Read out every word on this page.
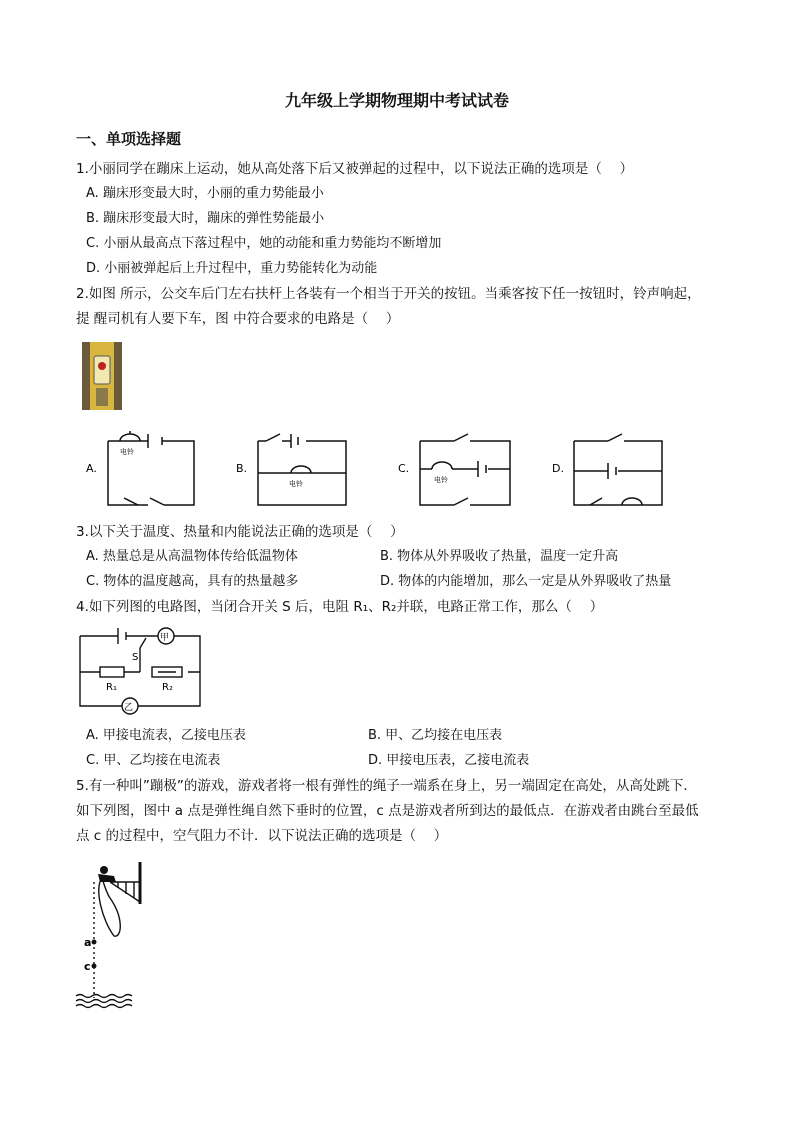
九年级上学期物理期中考试试卷
一、单项选择题
1.小丽同学在蹦床上运动，她从高处落下后又被弹起的过程中，以下说法正确的选项是（　 ）
A. 蹦床形变最大时，小丽的重力势能最小
B. 蹦床形变最大时，蹦床的弹性势能最小
C. 小丽从最高点下落过程中，她的动能和重力势能均不断增加
D. 小丽被弹起后上升过程中，重力势能转化为动能
2.如图 所示，公交车后门左右扶杆上各装有一个相当于开关的按钮。当乘客按下任一按钮时，铃声响起，
提 醒司机有人要下车，图 中符合要求的电路是（　 ）
A.
电铃
B.
电铃
C.
电铃
D.
3.以下关于温度、热量和内能说法正确的选项是（　 ）
A. 热量总是从高温物体传给低温物体	B. 物体从外界吸收了热量，温度一定升高
C. 物体的温度越高，具有的热量越多	D. 物体的内能增加，那么一定是从外界吸收了热量
4.如下列图的电路图，当闭合开关 S 后，电阻 R₁、R₂并联，电路正常工作，那么（　 ）
甲
乙
S
R₁	R₂
A. 甲接电流表，乙接电压表	B. 甲、乙均接在电压表
C. 甲、乙均接在电流表	D. 甲接电压表，乙接电流表
5.有一种叫”蹦极”的游戏，游戏者将一根有弹性的绳子一端系在身上，另一端固定在高处，从高处跳下．
如下列图，图中 a 点是弹性绳自然下垂时的位置，c 点是游戏者所到达的最低点．在游戏者由跳台至最低
点 c 的过程中，空气阻力不计．以下说法正确的选项是（　 ）
a
c
